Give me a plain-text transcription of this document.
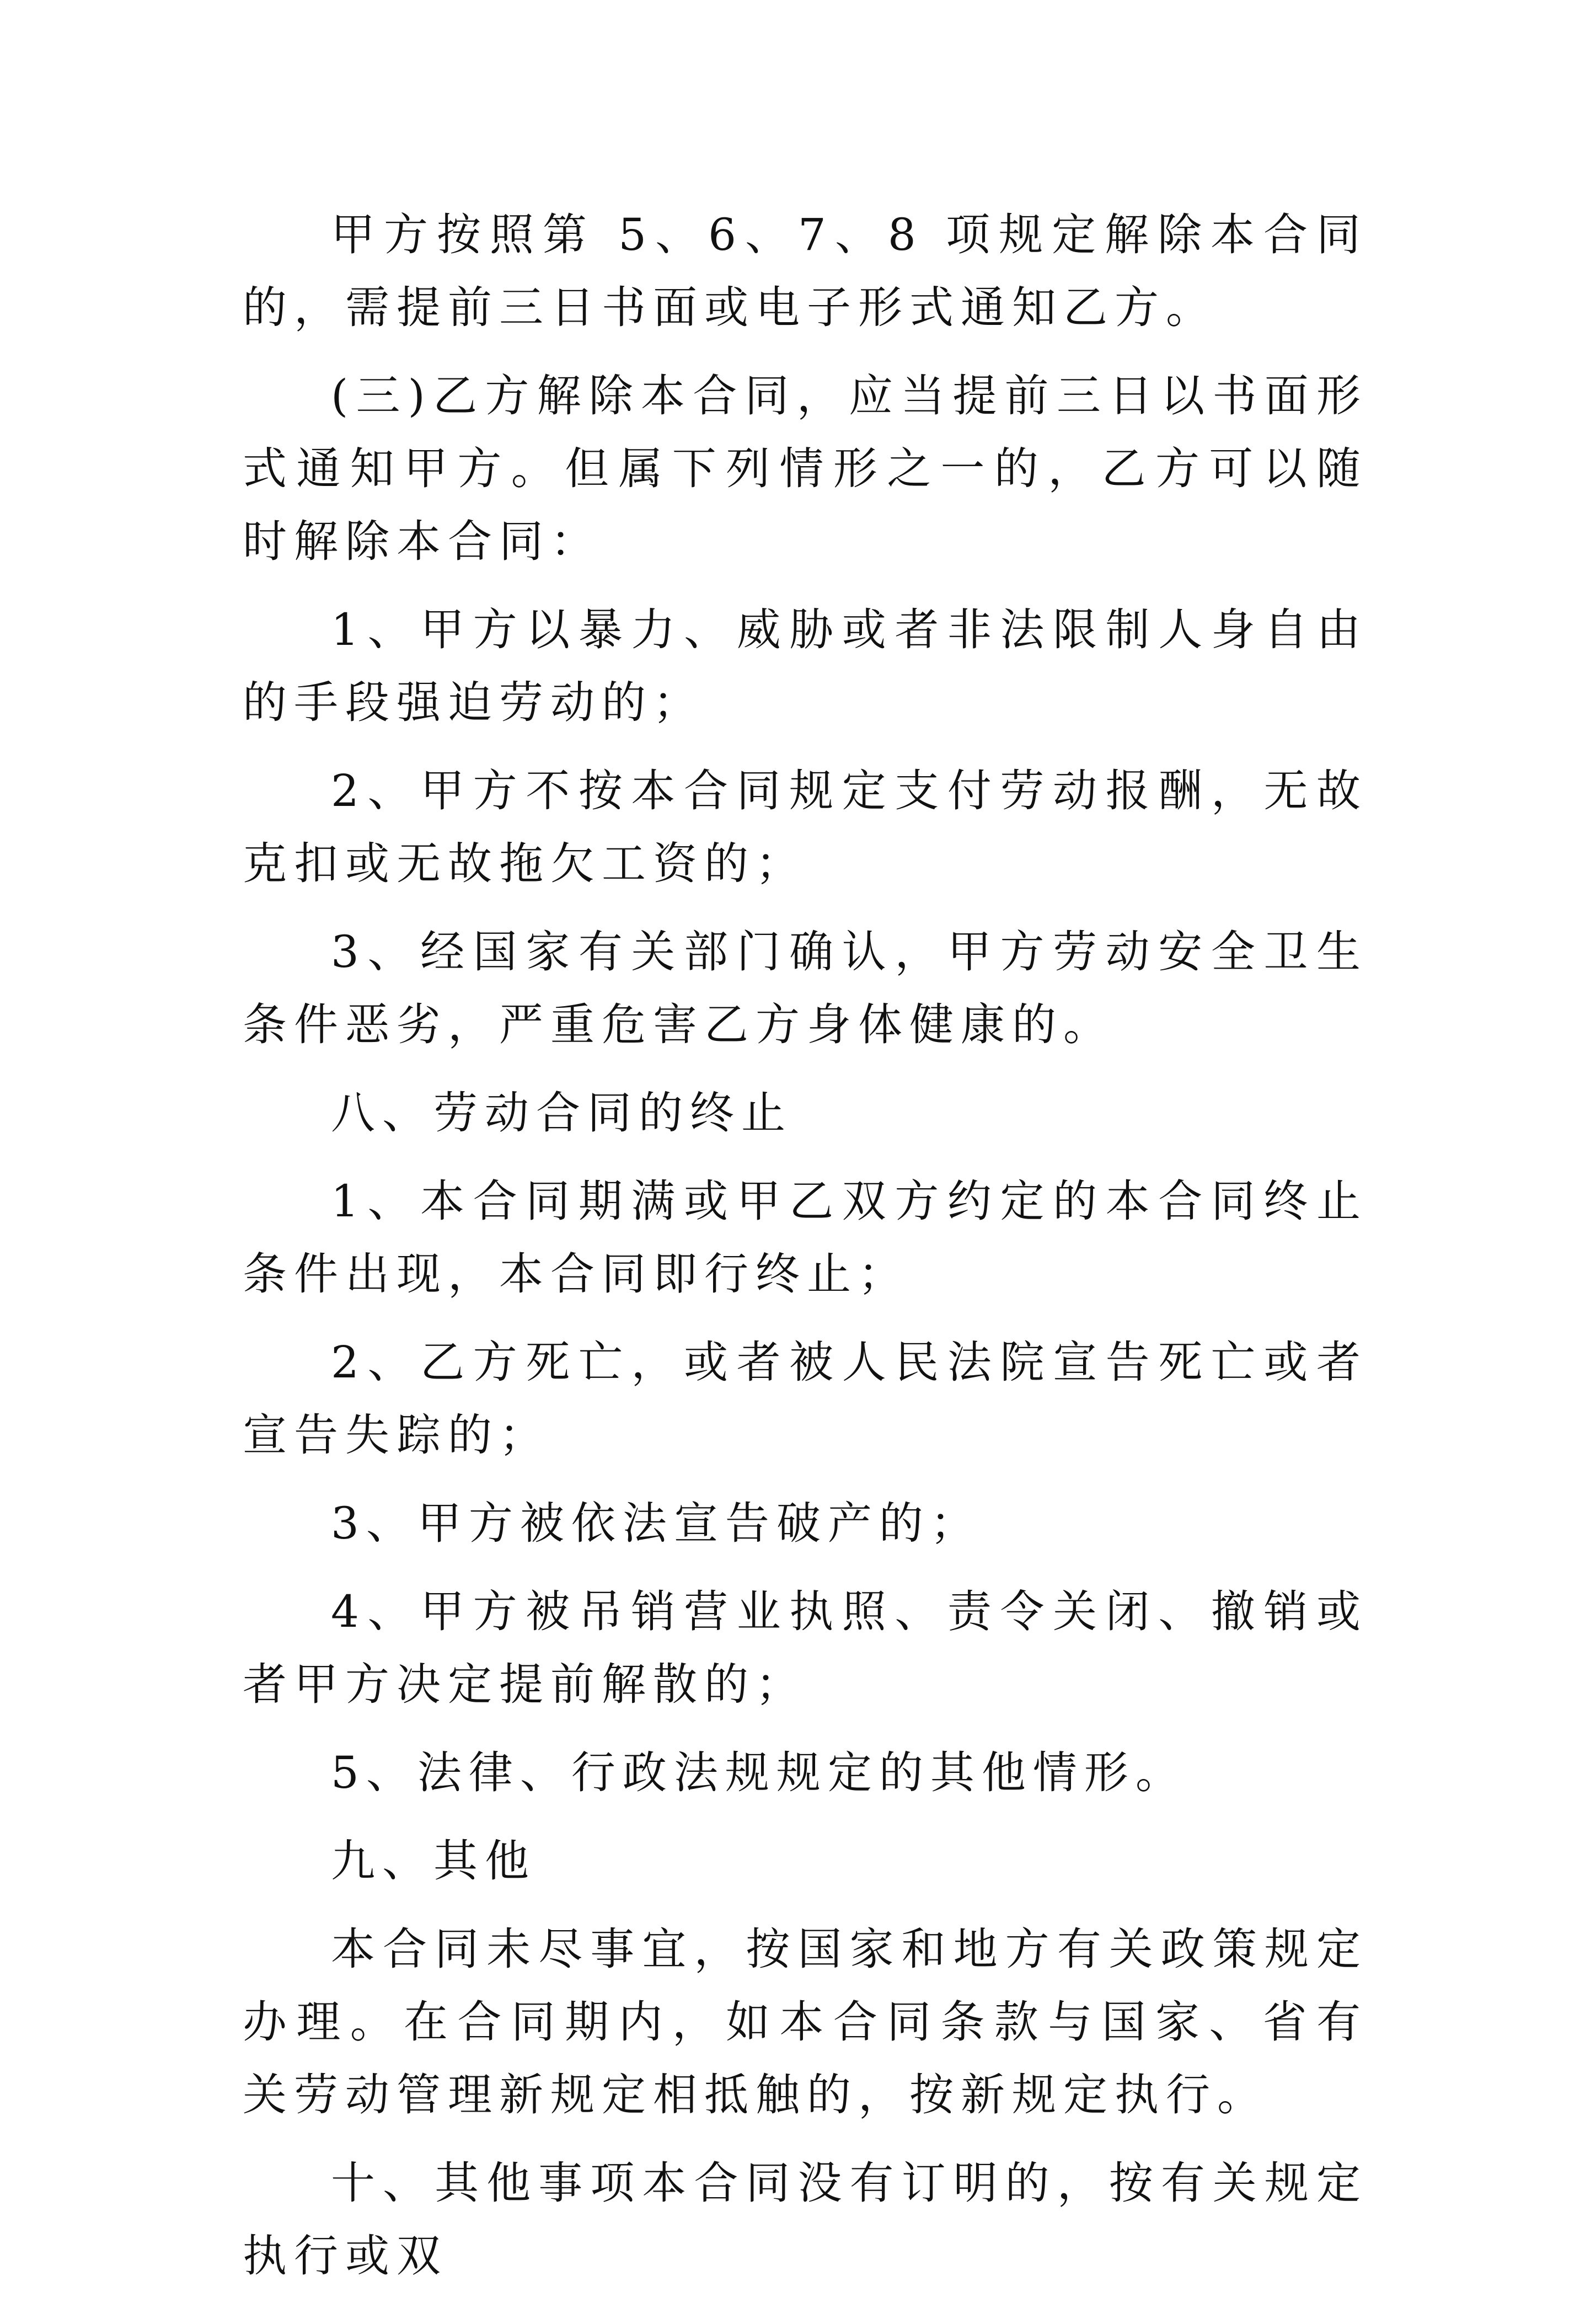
甲方按照第 5、6、7、8 项规定解除本合同的，需提前三日书面或电子形式通知乙方。

(三)乙方解除本合同，应当提前三日以书面形式通知甲方。但属下列情形之一的，乙方可以随时解除本合同：

1、甲方以暴力、威胁或者非法限制人身自由的手段强迫劳动的；

2、甲方不按本合同规定支付劳动报酬，无故克扣或无故拖欠工资的；

3、经国家有关部门确认，甲方劳动安全卫生条件恶劣，严重危害乙方身体健康的。

八、劳动合同的终止

1、本合同期满或甲乙双方约定的本合同终止条件出现，本合同即行终止；

2、乙方死亡，或者被人民法院宣告死亡或者宣告失踪的；

3、甲方被依法宣告破产的；

4、甲方被吊销营业执照、责令关闭、撤销或者甲方决定提前解散的；

5、法律、行政法规规定的其他情形。

九、其他

本合同未尽事宜，按国家和地方有关政策规定办理。在合同期内，如本合同条款与国家、省有关劳动管理新规定相抵触的，按新规定执行。

十、其他事项本合同没有订明的，按有关规定执行或双
